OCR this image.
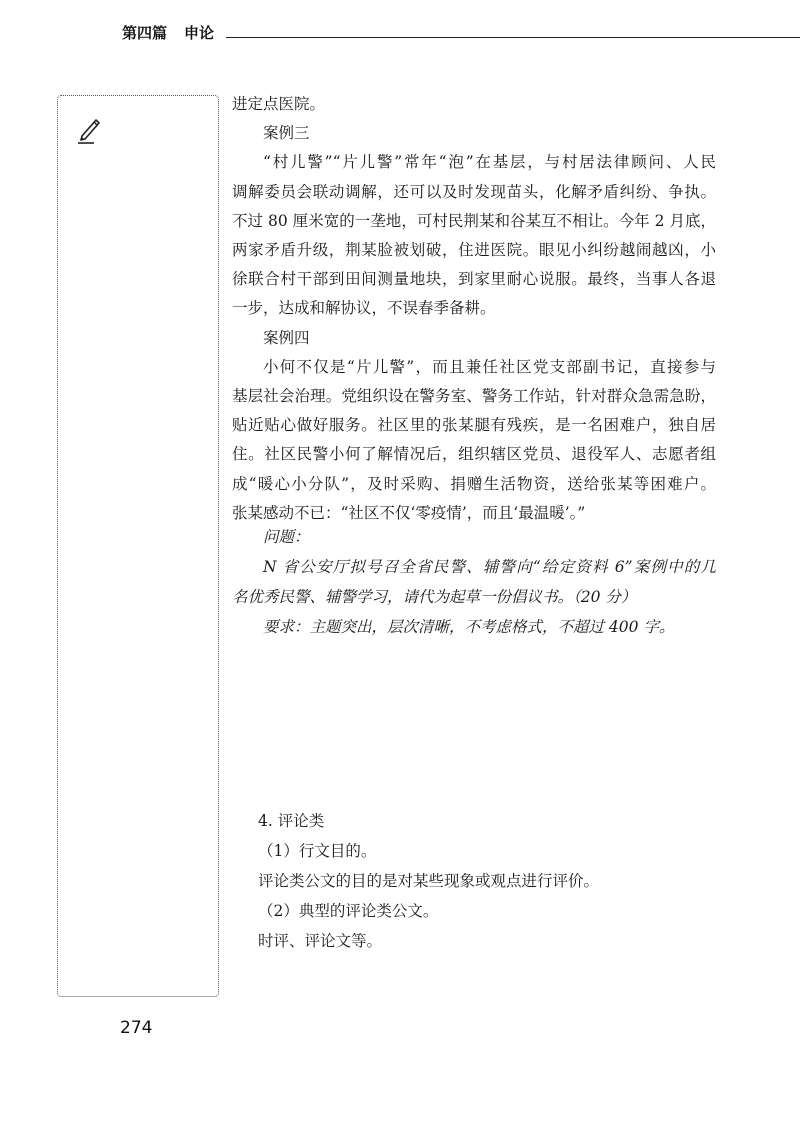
第四篇 申论
进定点医院。
案例三
“村儿警”“片儿警”常年“泡”在基层，与村居法律顾问、人民
调解委员会联动调解，还可以及时发现苗头，化解矛盾纠纷、争执。
不过 80 厘米宽的一垄地，可村民荆某和谷某互不相让。今年 2 月底，
两家矛盾升级，荆某脸被划破，住进医院。眼见小纠纷越闹越凶，小
徐联合村干部到田间测量地块，到家里耐心说服。最终，当事人各退
一步，达成和解协议，不误春季备耕。
案例四
小何不仅是“片儿警”，而且兼任社区党支部副书记，直接参与
基层社会治理。党组织设在警务室、警务工作站，针对群众急需急盼，
贴近贴心做好服务。社区里的张某腿有残疾，是一名困难户，独自居
住。社区民警小何了解情况后，组织辖区党员、退役军人、志愿者组
成“暖心小分队”，及时采购、捐赠生活物资，送给张某等困难户。
张某感动不已：“社区不仅‘零疫情’，而且‘最温暖’。”
问题：
N 省公安厅拟号召全省民警、辅警向“给定资料 6”案例中的几
名优秀民警、辅警学习，请代为起草一份倡议书。（20 分）
要求：主题突出，层次清晰，不考虑格式，不超过 400 字。
4. 评论类
（1）行文目的。
评论类公文的目的是对某些现象或观点进行评价。
（2）典型的评论类公文。
时评、评论文等。
274
